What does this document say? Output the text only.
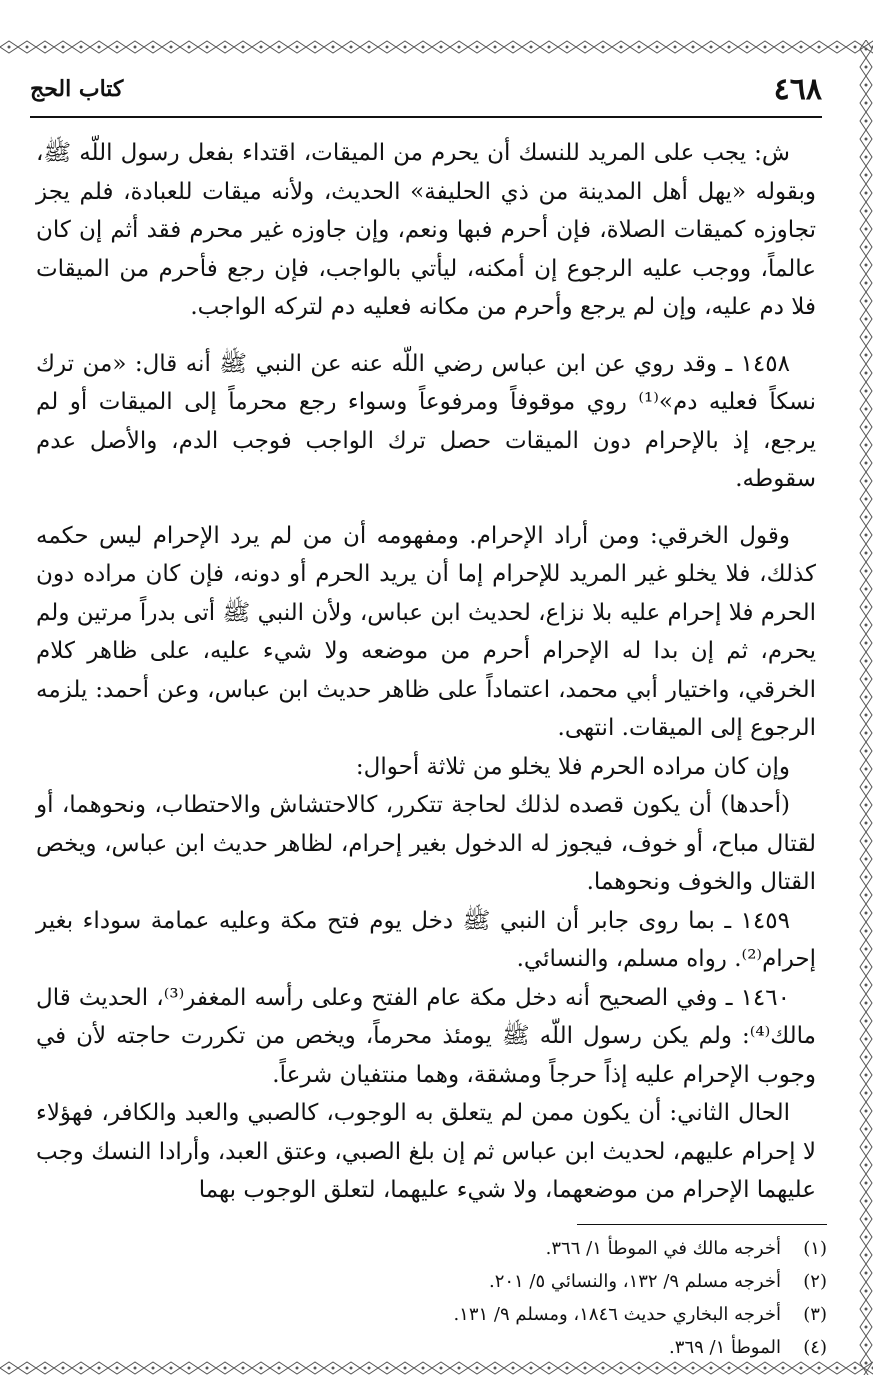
٤٦٨
كتاب الحج

ش: يجب على المريد للنسك أن يحرم من الميقات، اقتداء بفعل رسول اللّه ﷺ، وبقوله «يهل أهل المدينة من ذي الحليفة» الحديث، ولأنه ميقات للعبادة، فلم يجز تجاوزه كميقات الصلاة، فإن أحرم فبها ونعم، وإن جاوزه غير محرم فقد أثم إن كان عالماً، ووجب عليه الرجوع إن أمكنه، ليأتي بالواجب، فإن رجع فأحرم من الميقات فلا دم عليه، وإن لم يرجع وأحرم من مكانه فعليه دم لتركه الواجب.

١٤٥٨ ـ وقد روي عن ابن عباس رضي اللّه عنه عن النبي ﷺ أنه قال: «من ترك نسكاً فعليه دم»⁽¹⁾ روي موقوفاً ومرفوعاً وسواء رجع محرماً إلى الميقات أو لم يرجع، إذ بالإحرام دون الميقات حصل ترك الواجب فوجب الدم، والأصل عدم سقوطه.

وقول الخرقي: ومن أراد الإحرام. ومفهومه أن من لم يرد الإحرام ليس حكمه كذلك، فلا يخلو غير المريد للإحرام إما أن يريد الحرم أو دونه، فإن كان مراده دون الحرم فلا إحرام عليه بلا نزاع، لحديث ابن عباس، ولأن النبي ﷺ أتى بدراً مرتين ولم يحرم، ثم إن بدا له الإحرام أحرم من موضعه ولا شيء عليه، على ظاهر كلام الخرقي، واختيار أبي محمد، اعتماداً على ظاهر حديث ابن عباس، وعن أحمد: يلزمه الرجوع إلى الميقات. انتهى.

وإن كان مراده الحرم فلا يخلو من ثلاثة أحوال:

(أحدها) أن يكون قصده لذلك لحاجة تتكرر، كالاحتشاش والاحتطاب، ونحوهما، أو لقتال مباح، أو خوف، فيجوز له الدخول بغير إحرام، لظاهر حديث ابن عباس، ويخص القتال والخوف ونحوهما.

١٤٥٩ ـ بما روى جابر أن النبي ﷺ دخل يوم فتح مكة وعليه عمامة سوداء بغير إحرام⁽²⁾. رواه مسلم، والنسائي.

١٤٦٠ ـ وفي الصحيح أنه دخل مكة عام الفتح وعلى رأسه المغفر⁽³⁾، الحديث قال مالك⁽⁴⁾: ولم يكن رسول اللّه ﷺ يومئذ محرماً، ويخص من تكررت حاجته لأن في وجوب الإحرام عليه إذاً حرجاً ومشقة، وهما منتفيان شرعاً.

الحال الثاني: أن يكون ممن لم يتعلق به الوجوب، كالصبي والعبد والكافر، فهؤلاء لا إحرام عليهم، لحديث ابن عباس ثم إن بلغ الصبي، وعتق العبد، وأرادا النسك وجب عليهما الإحرام من موضعهما، ولا شيء عليهما، لتعلق الوجوب بهما

(١)
أخرجه مالك في الموطأ ١/ ٣٦٦.
(٢)
أخرجه مسلم ٩/ ١٣٢، والنسائي ٥/ ٢٠١.
(٣)
أخرجه البخاري حديث ١٨٤٦، ومسلم ٩/ ١٣١.
(٤)
الموطأ ١/ ٣٦٩.
